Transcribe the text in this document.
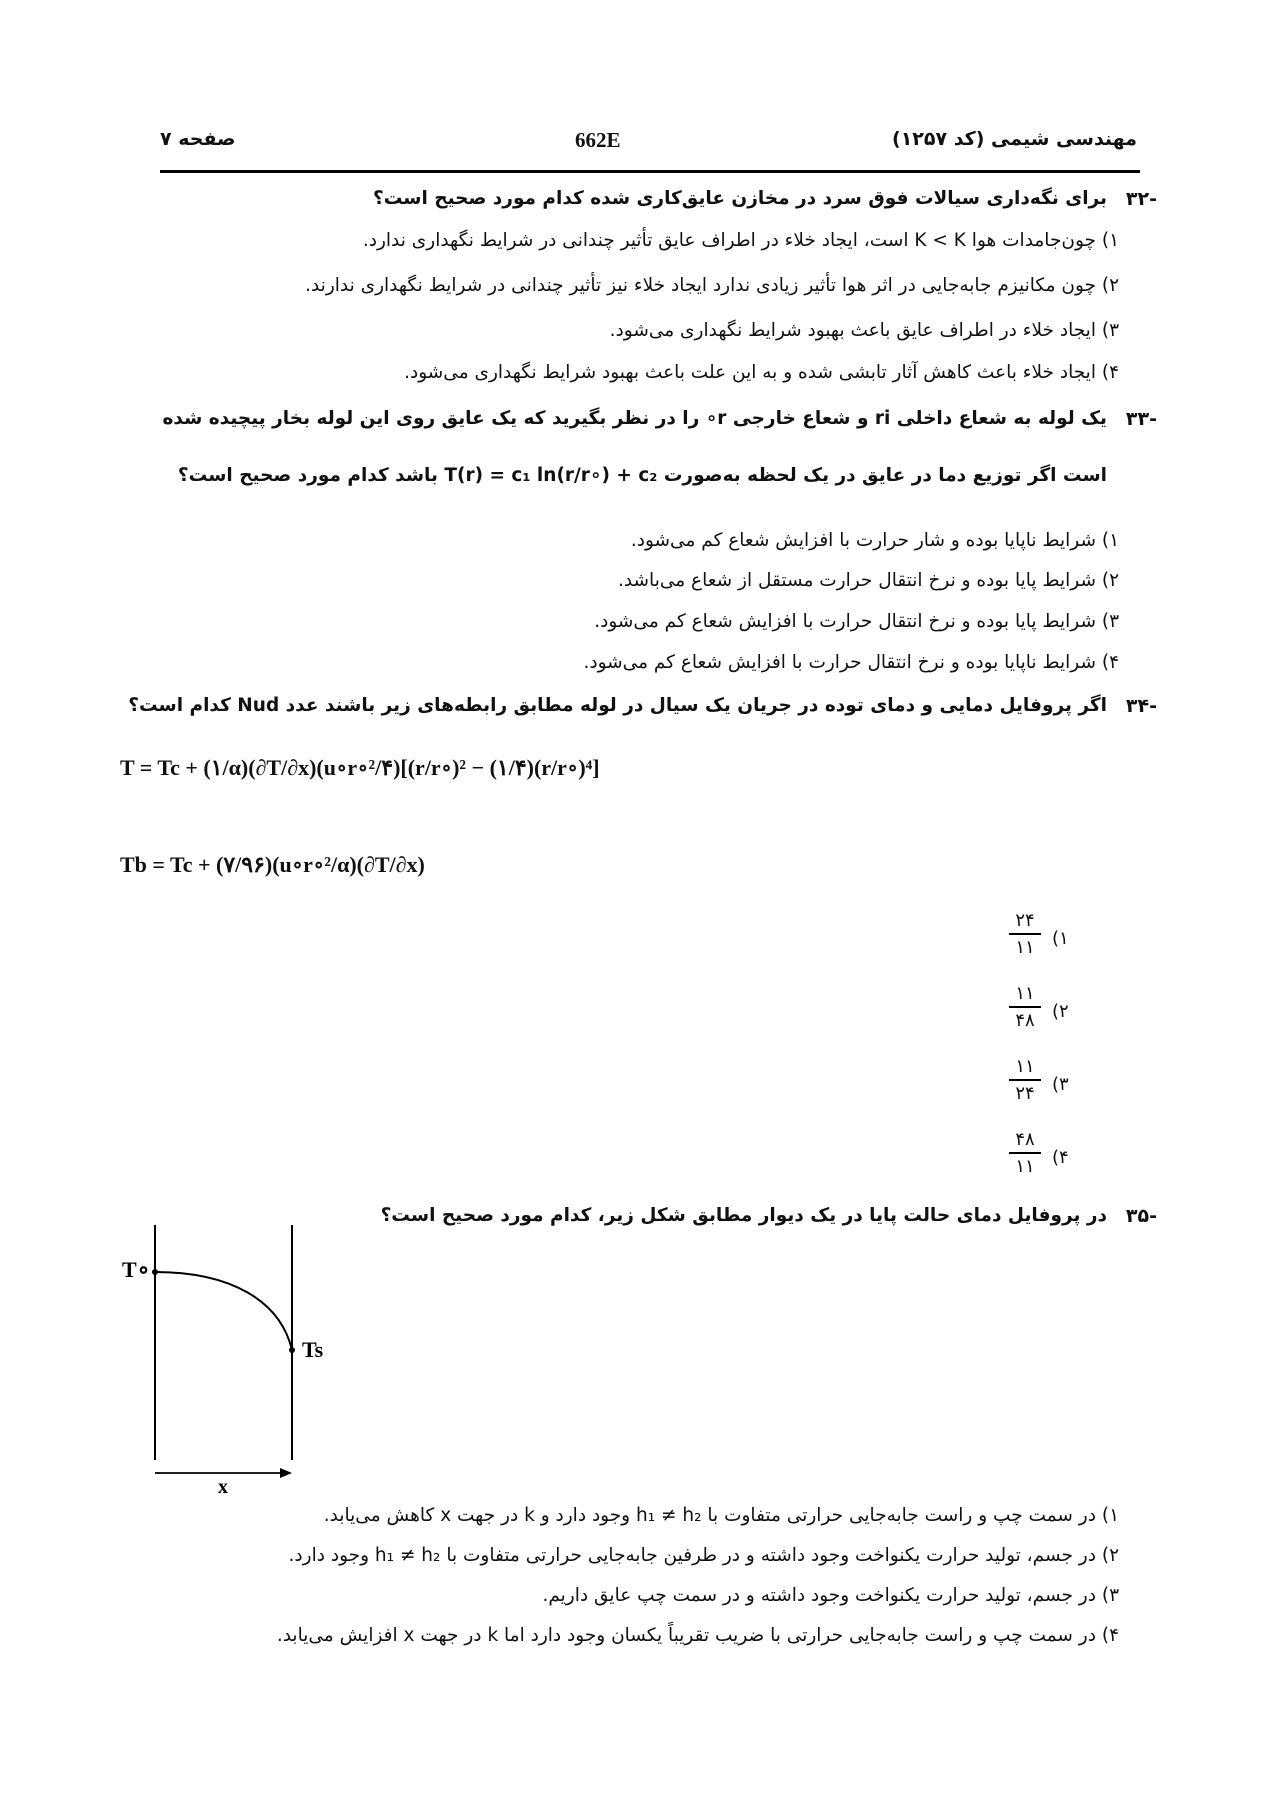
مهندسی شیمی (کد ۱۲۵۷)
662E
صفحه ۷
۳۲-
برای نگه‌داری سیالات فوق سرد در مخازن عایق‌کاری شده کدام مورد صحیح است؟
۱) چون‌جامدات هوا K < K است، ایجاد خلاء در اطراف عایق تأثیر چندانی در شرایط نگهداری ندارد.
۲) چون مکانیزم جابه‌جایی در اثر هوا تأثیر زیادی ندارد ایجاد خلاء نیز تأثیر چندانی در شرایط نگهداری ندارند.
۳) ایجاد خلاء در اطراف عایق باعث بهبود شرایط نگهداری می‌شود.
۴) ایجاد خلاء باعث کاهش آثار تابشی شده و به این علت باعث بهبود شرایط نگهداری می‌شود.
۳۳-
یک لوله به شعاع داخلی ri و شعاع خارجی r∘ را در نظر بگیرید که یک عایق روی این لوله بخار پیچیده شده
است اگر توزیع دما در عایق در یک لحظه به‌صورت T(r) = c₁ ln(r/r∘) + c₂ باشد کدام مورد صحیح است؟
۱) شرایط ناپایا بوده و شار حرارت با افزایش شعاع کم می‌شود.
۲) شرایط پایا بوده و نرخ انتقال حرارت مستقل از شعاع می‌باشد.
۳) شرایط پایا بوده و نرخ انتقال حرارت با افزایش شعاع کم می‌شود.
۴) شرایط ناپایا بوده و نرخ انتقال حرارت با افزایش شعاع کم می‌شود.
۳۴-
اگر پروفایل دمایی و دمای توده در جریان یک سیال در لوله مطابق رابطه‌های زیر باشند عدد Nud کدام است؟
T = Tc + (۱/α)(∂T/∂x)(u∘r∘²/۴)[(r/r∘)² − (۱/۴)(r/r∘)⁴]
Tb = Tc + (۷/۹۶)(u∘r∘²/α)(∂T/∂x)
۲۴
۱۱ (۱
۱۱
۴۸ (۲
۱۱
۲۴ (۳
۴۸
۱۱ (۴
۳۵-
در پروفایل دمای حالت پایا در یک دیوار مطابق شکل زیر، کدام مورد صحیح است؟
T∘
Ts
x
۱) در سمت چپ و راست جابه‌جایی حرارتی متفاوت با h₁ ≠ h₂ وجود دارد و k در جهت x کاهش می‌یابد.
۲) در جسم، تولید حرارت یکنواخت وجود داشته و در طرفین جابه‌جایی حرارتی متفاوت با h₁ ≠ h₂ وجود دارد.
۳) در جسم، تولید حرارت یکنواخت وجود داشته و در سمت چپ عایق داریم.
۴) در سمت چپ و راست جابه‌جایی حرارتی با ضریب تقریباً یکسان وجود دارد اما k در جهت x افزایش می‌یابد.
